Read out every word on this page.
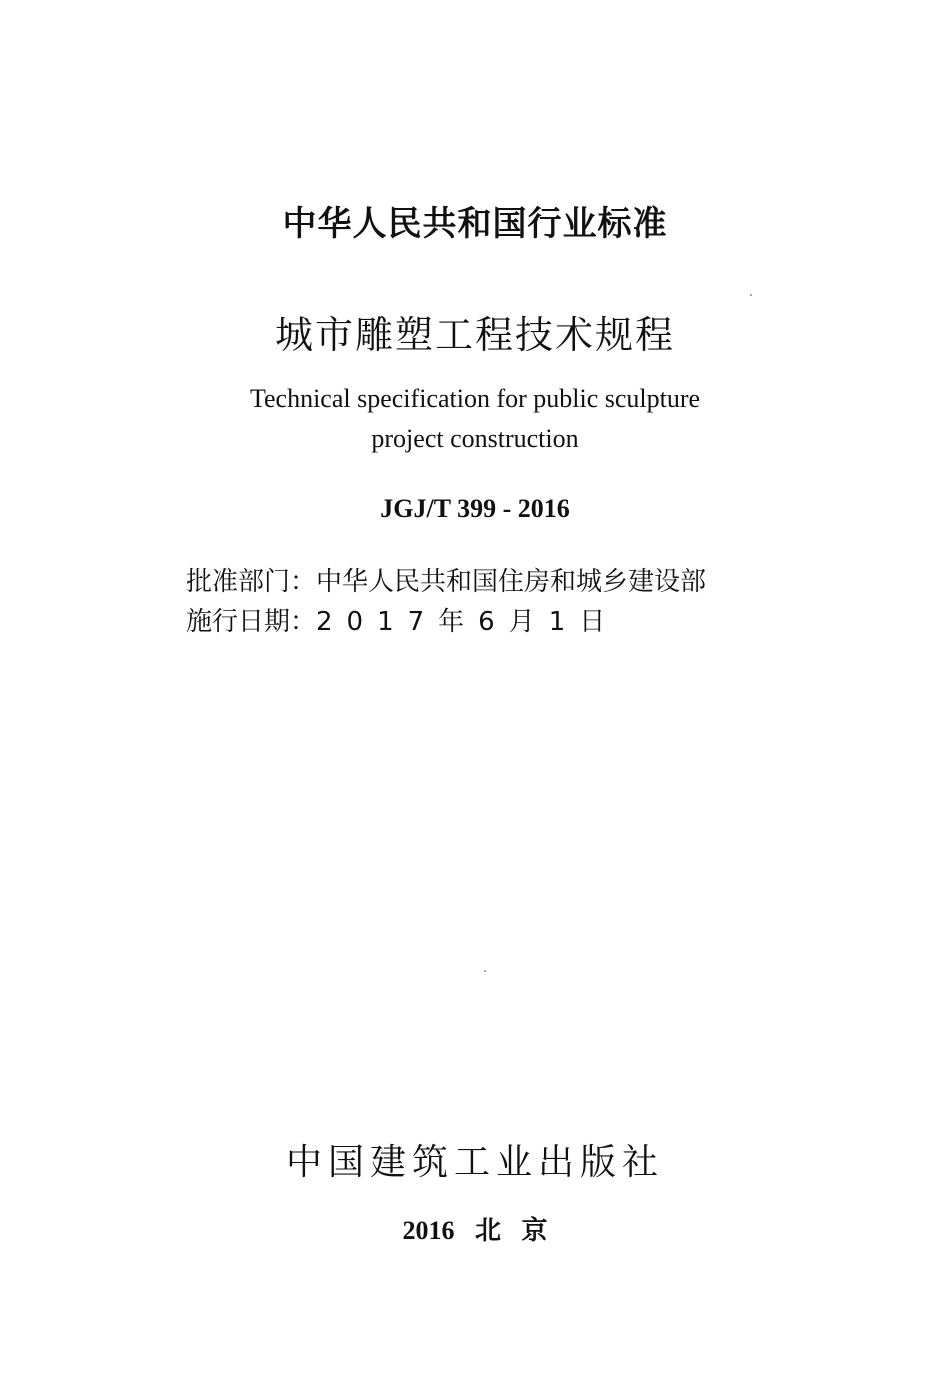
中华人民共和国行业标准
城市雕塑工程技术规程
Technical specification for public sculpture
project construction
JGJ/T 399 - 2016
批准部门：中华人民共和国住房和城乡建设部
施行日期：2017年6月1日
中国建筑工业出版社
2016 北 京
